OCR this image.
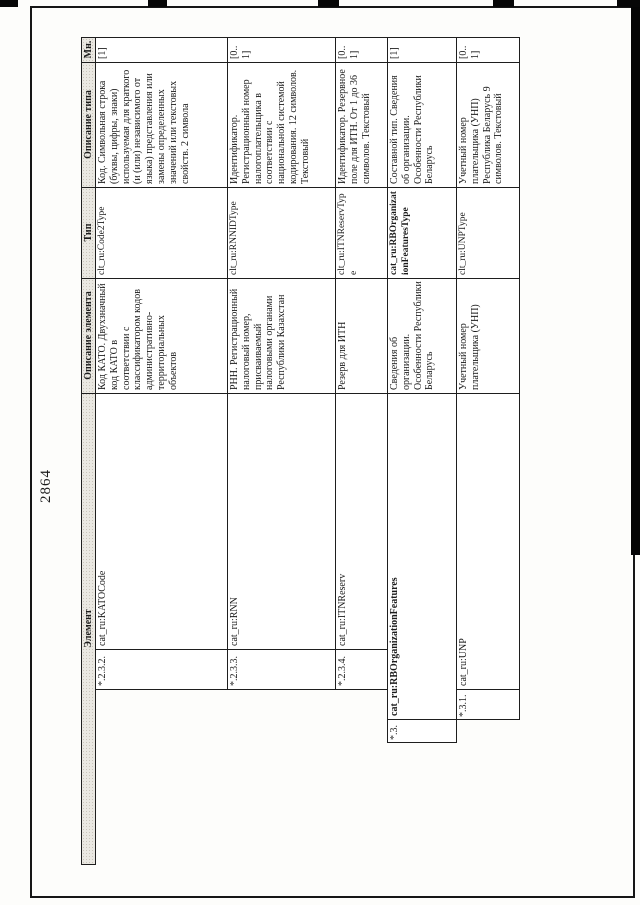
2864
Элемент
Описание элемента
Тип
Описание типа
Мн.
*.2.3.2.
cat_ru:KATOCode
Код КАТО. Двухзначный код КАТО в соответствии с классификатором кодов административно-территориальных объектов
clt_ru:Code2Type
Код. Символьная строка (буквы, цифры, знаки) используемая для краткого (и (или) независимого от языка) представления или замены определенных значений или текстовых свойств. 2 символа
[1]
*.2.3.3.
cat_ru:RNN
РНН. Регистрационный налоговый номер, присваиваемый налоговыми органами Республики Казахстан
clt_ru:RNNIDType
Идентификатор. Регистрационный номер налогоплательщика в соответствии с национальной системой кодирования. 12 символов. Текстовый
[0..1]
*.2.3.4.
cat_ru:ITNReserv
Резерв для ИТН
clt_ru:ITNReservType
Идентификатор. Резервное поле для ИТН. От 1 до 36 символов. Текстовый
[0..1]
*.3.
cat_ru:RBOrganizationFeatures
Сведения об организации. Особенности Республики Беларусь
cat_ru:RBOrganizationFeaturesType
Составной тип. Сведения об организации. Особенности Республики Беларусь
[1]
*.3.1.
cat_ru:UNP
Учетный номер плательщика (УНП)
clt_ru:UNPType
Учетный номер плательщика (УНП) Республика Беларусь 9 символов. Текстовый
[0..1]
